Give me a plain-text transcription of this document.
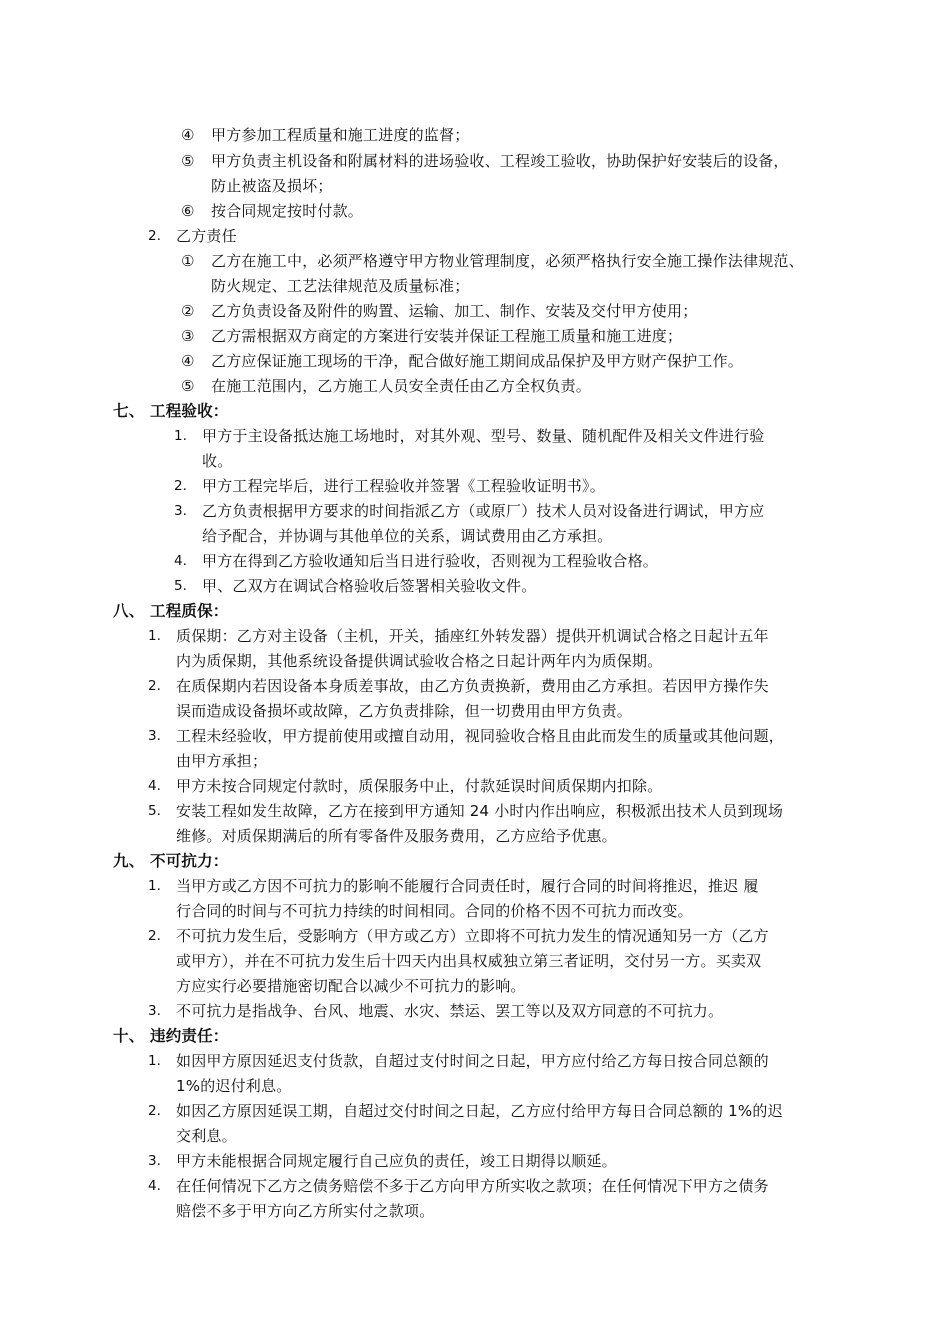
④ 甲方参加工程质量和施工进度的监督；
⑤ 甲方负责主机设备和附属材料的进场验收、工程竣工验收，协助保护好安装后的设备，
防止被盗及损坏；
⑥ 按合同规定按时付款。
2. 乙方责任
① 乙方在施工中，必须严格遵守甲方物业管理制度，必须严格执行安全施工操作法律规范、
防火规定、工艺法律规范及质量标准；
② 乙方负责设备及附件的购置、运输、加工、制作、安装及交付甲方使用；
③ 乙方需根据双方商定的方案进行安装并保证工程施工质量和施工进度；
④ 乙方应保证施工现场的干净，配合做好施工期间成品保护及甲方财产保护工作。
⑤ 在施工范围内，乙方施工人员安全责任由乙方全权负责。
七、 工程验收：
1. 甲方于主设备抵达施工场地时，对其外观、型号、数量、随机配件及相关文件进行验
收。
2. 甲方工程完毕后，进行工程验收并签署《工程验收证明书》。
3. 乙方负责根据甲方要求的时间指派乙方（或原厂）技术人员对设备进行调试，甲方应
给予配合，并协调与其他单位的关系，调试费用由乙方承担。
4. 甲方在得到乙方验收通知后当日进行验收，否则视为工程验收合格。
5. 甲、乙双方在调试合格验收后签署相关验收文件。
八、 工程质保：
1. 质保期：乙方对主设备（主机，开关，插座红外转发器）提供开机调试合格之日起计五年
内为质保期，其他系统设备提供调试验收合格之日起计两年内为质保期。
2. 在质保期内若因设备本身质差事故，由乙方负责换新，费用由乙方承担。若因甲方操作失
误而造成设备损坏或故障，乙方负责排除，但一切费用由甲方负责。
3. 工程未经验收，甲方提前使用或擅自动用，视同验收合格且由此而发生的质量或其他问题，
由甲方承担；
4. 甲方未按合同规定付款时，质保服务中止，付款延误时间质保期内扣除。
5. 安装工程如发生故障，乙方在接到甲方通知 24 小时内作出响应，积极派出技术人员到现场
维修。对质保期满后的所有零备件及服务费用，乙方应给予优惠。
九、 不可抗力：
1. 当甲方或乙方因不可抗力的影响不能履行合同责任时，履行合同的时间将推迟，推迟 履
行合同的时间与不可抗力持续的时间相同。合同的价格不因不可抗力而改变。
2. 不可抗力发生后，受影响方（甲方或乙方）立即将不可抗力发生的情况通知另一方（乙方
或甲方），并在不可抗力发生后十四天内出具权威独立第三者证明，交付另一方。买卖双
方应实行必要措施密切配合以减少不可抗力的影响。
3. 不可抗力是指战争、台风、地震、水灾、禁运、罢工等以及双方同意的不可抗力。
十、 违约责任：
1. 如因甲方原因延迟支付货款，自超过支付时间之日起，甲方应付给乙方每日按合同总额的
1%的迟付利息。
2. 如因乙方原因延误工期，自超过交付时间之日起，乙方应付给甲方每日合同总额的 1%的迟
交利息。
3. 甲方未能根据合同规定履行自己应负的责任，竣工日期得以顺延。
4. 在任何情况下乙方之债务赔偿不多于乙方向甲方所实收之款项；在任何情况下甲方之债务
赔偿不多于甲方向乙方所实付之款项。
